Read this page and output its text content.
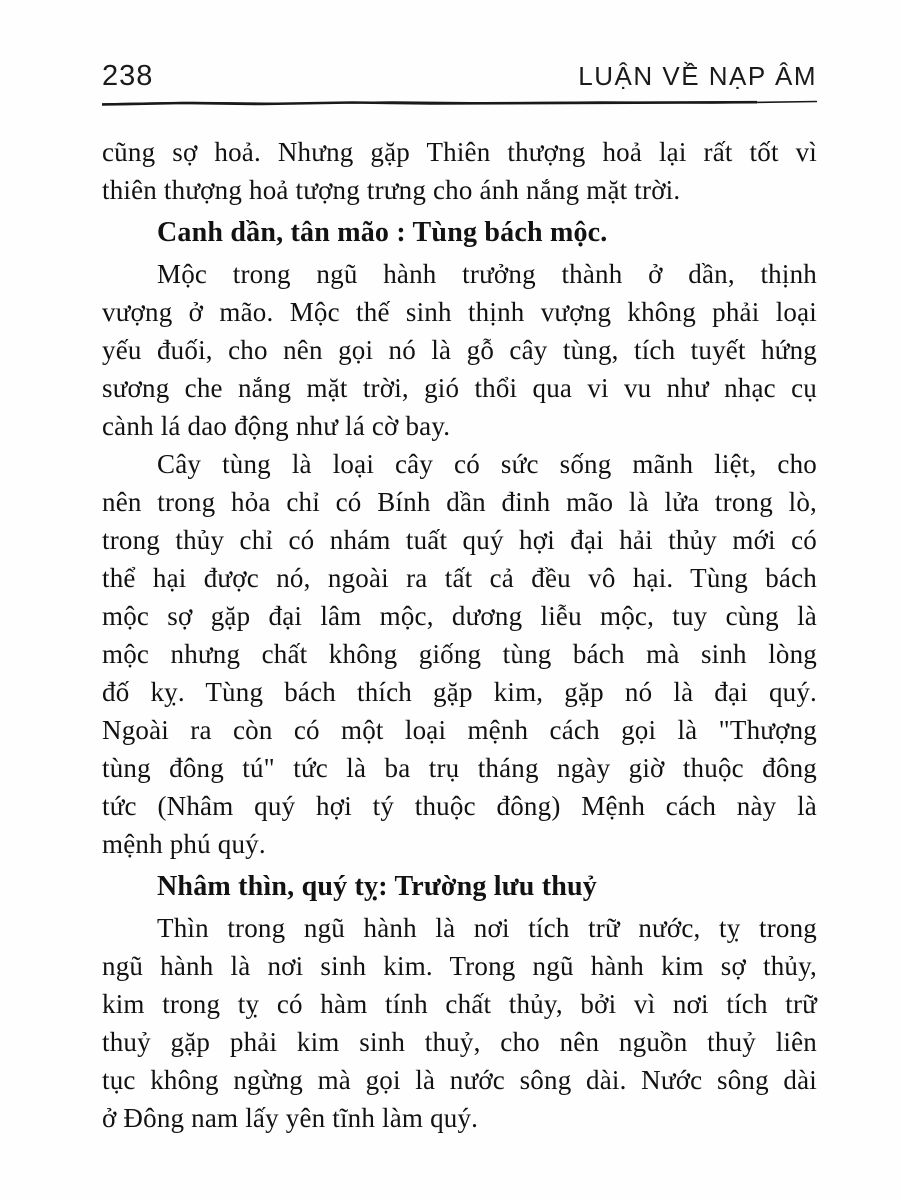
238	LUẬN VỀ NẠP ÂM
cũng sợ hoả. Nhưng gặp Thiên thượng hoả lại rất tốt vì
thiên thượng hoả tượng trưng cho ánh nắng mặt trời.
Canh dần, tân mão : Tùng bách mộc.
Mộc trong ngũ hành trưởng thành ở dần, thịnh
vượng ở mão. Mộc thế sinh thịnh vượng không phải loại
yếu đuối, cho nên gọi nó là gỗ cây tùng, tích tuyết hứng
sương che nắng mặt trời, gió thổi qua vi vu như nhạc cụ
cành lá dao động như lá cờ bay.
Cây tùng là loại cây có sức sống mãnh liệt, cho
nên trong hỏa chỉ có Bính dần đinh mão là lửa trong lò,
trong thủy chỉ có nhám tuất quý hợi đại hải thủy mới có
thể hại được nó, ngoài ra tất cả đều vô hại. Tùng bách
mộc sợ gặp đại lâm mộc, dương liễu mộc, tuy cùng là
mộc nhưng chất không giống tùng bách mà sinh lòng
đố kỵ. Tùng bách thích gặp kim, gặp nó là đại quý.
Ngoài ra còn có một loại mệnh cách gọi là "Thượng
tùng đông tú" tức là ba trụ tháng ngày giờ thuộc đông
tức (Nhâm quý hợi tý thuộc đông) Mệnh cách này là
mệnh phú quý.
Nhâm thìn, quý tỵ: Trường lưu thuỷ
Thìn trong ngũ hành là nơi tích trữ nước, tỵ trong
ngũ hành là nơi sinh kim. Trong ngũ hành kim sợ thủy,
kim trong tỵ có hàm tính chất thủy, bởi vì nơi tích trữ
thuỷ gặp phải kim sinh thuỷ, cho nên nguồn thuỷ liên
tục không ngừng mà gọi là nước sông dài. Nước sông dài
ở Đông nam lấy yên tĩnh làm quý.
